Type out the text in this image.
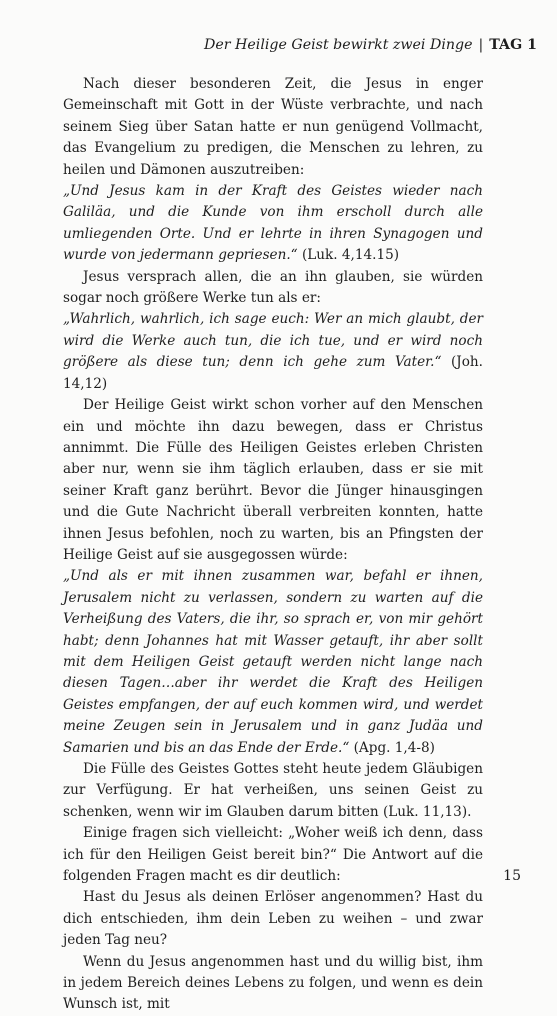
Der Heilige Geist bewirkt zwei Dinge | TAG 1

Nach dieser besonderen Zeit, die Jesus in enger Gemeinschaft mit Gott in der Wüste verbrachte, und nach seinem Sieg über Satan hatte er nun genügend Vollmacht, das Evangelium zu predigen, die Menschen zu lehren, zu heilen und Dämonen auszutreiben:

„Und Jesus kam in der Kraft des Geistes wieder nach Galiläa, und die Kunde von ihm erscholl durch alle umliegenden Orte. Und er lehrte in ihren Synagogen und wurde von jedermann gepriesen.“ (Luk. 4,14.15)

Jesus versprach allen, die an ihn glauben, sie würden sogar noch größere Werke tun als er:

„Wahrlich, wahrlich, ich sage euch: Wer an mich glaubt, der wird die Werke auch tun, die ich tue, und er wird noch größere als diese tun; denn ich gehe zum Vater.“ (Joh. 14,12)

Der Heilige Geist wirkt schon vorher auf den Menschen ein und möchte ihn dazu bewegen, dass er Christus annimmt. Die Fülle des Heiligen Geistes erleben Christen aber nur, wenn sie ihm täglich erlauben, dass er sie mit seiner Kraft ganz berührt. Bevor die Jünger hinausgingen und die Gute Nachricht überall verbreiten konnten, hatte ihnen Jesus befohlen, noch zu warten, bis an Pfingsten der Heilige Geist auf sie ausgegossen würde:

„Und als er mit ihnen zusammen war, befahl er ihnen, Jerusalem nicht zu verlassen, sondern zu warten auf die Verheißung des Vaters, die ihr, so sprach er, von mir gehört habt; denn Johannes hat mit Wasser getauft, ihr aber sollt mit dem Heiligen Geist getauft werden nicht lange nach diesen Tagen…aber ihr werdet die Kraft des Heiligen Geistes empfangen, der auf euch kommen wird, und werdet meine Zeugen sein in Jerusalem und in ganz Judäa und Samarien und bis an das Ende der Erde.“ (Apg. 1,4-8)

Die Fülle des Geistes Gottes steht heute jedem Gläubigen zur Verfügung. Er hat verheißen, uns seinen Geist zu schenken, wenn wir im Glauben darum bitten (Luk. 11,13).

Einige fragen sich vielleicht: „Woher weiß ich denn, dass ich für den Heiligen Geist bereit bin?“ Die Antwort auf die folgenden Fragen macht es dir deutlich:

Hast du Jesus als deinen Erlöser angenommen? Hast du dich entschieden, ihm dein Leben zu weihen – und zwar jeden Tag neu?

Wenn du Jesus angenommen hast und du willig bist, ihm in jedem Bereich deines Lebens zu folgen, und wenn es dein Wunsch ist, mit

15
